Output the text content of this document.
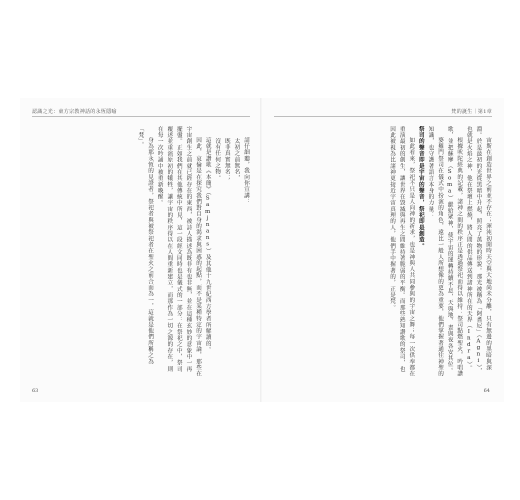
認識之光：東方宗教神話的永恆隱喻

請仔細聽，我向你宣講：

太初之前無名，

既非真實無名；

沒有任何之物。

這就是讚歌《本簡》（Samjnans）及其他十九世紀西方學者所解讀的。

因此，哀倫是在探究我們對自身的渴求與困惑的起點，而不是某種特定的宇宙論，那些在宇宙創生之前就已經存在的東西，被詩人描述為既非有也非無，並在這種玄妙的意象中一再擺盪。正如我們在其他傳統中所見，這一段經文同時也是儀式的一部分：在祭祀之中，祭司覆述並重演原初的犧牲，讓宇宙的秩序得以在人間重新建立，而那作為一切之源的存在，則在每一次吟誦中被重新喚醒。

身為那永恆的見證者，祭祀者與被祭祀者在聖火之前合而為一，這就是他們所稱之為「梵」。

63
梵的誕生｜第1章

宙斯在創造世界之前並不存在；渾沌初開時天空與大地尚未分離，只有無邊的黑暗與深淵。於是最初的光從黑暗中升起，照亮了萬物的形貌。那光被稱為「阿耆尼」（Agni），也就是火焰之神，他在祭壇上燃燒，將人間的供品傳送到諸神所在的天界（Indra）。

根據吠陀經典的記載，諸神之間的秩序正是透過祭祀而得以維持：祭司點燃聖火，吟唱讚歌，並把蘇摩（Soma）獻給眾神，使宇宙的運轉持續不息，天與地、晝與夜各安其位。

婆羅門祭司在儀式中扮演的角色，遠比一般人所想像的更為重要，他們掌握著通往神聖的知識，也守護著語言本身的力量：

祭司的聲音即是宇宙的聲音，祭祀即是創造。

如此看來，祭祀不只是人向神的祈求，也是神與人共同參與的宇宙之舞；每一次供奉都在重演最初的創生，讓世界在毀滅與再生之間維持著脆弱的平衡。而那些熟知讚歌的祭司，也因此被視為比諸神更接近宇宙真理的人，他們手中握著的，正是梵。

64
